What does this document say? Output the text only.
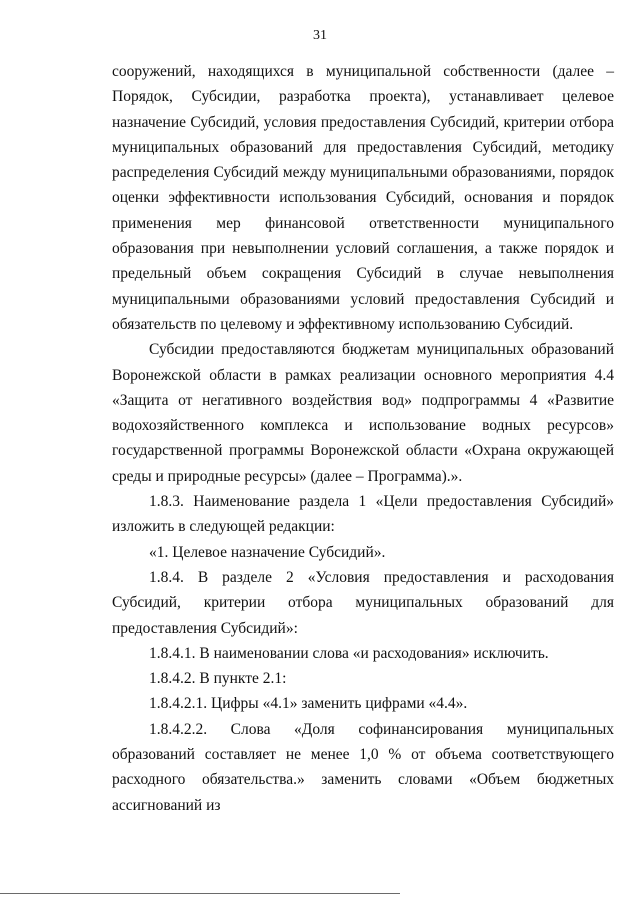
31

сооружений, находящихся в муниципальной собственности (далее – Порядок, Субсидии, разработка проекта), устанавливает целевое назначение Субсидий, условия предоставления Субсидий, критерии отбора муниципальных образований для предоставления Субсидий, методику распределения Субсидий между муниципальными образованиями, порядок оценки эффективности использования Субсидий, основания и порядок применения мер финансовой ответственности муниципального образования при невыполнении условий соглашения, а также порядок и предельный объем сокращения Субсидий в случае невыполнения муниципальными образованиями условий предоставления Субсидий и обязательств по целевому и эффективному использованию Субсидий.

Субсидии предоставляются бюджетам муниципальных образований Воронежской области в рамках реализации основного мероприятия 4.4 «Защита от негативного воздействия вод» подпрограммы 4 «Развитие водохозяйственного комплекса и использование водных ресурсов» государственной программы Воронежской области «Охрана окружающей среды и природные ресурсы» (далее – Программа).».

1.8.3. Наименование раздела 1 «Цели предоставления Субсидий» изложить в следующей редакции:

«1. Целевое назначение Субсидий».

1.8.4. В разделе 2 «Условия предоставления и расходования Субсидий, критерии отбора муниципальных образований для предоставления Субсидий»:

1.8.4.1. В наименовании слова «и расходования» исключить.

1.8.4.2. В пункте 2.1:

1.8.4.2.1. Цифры «4.1» заменить цифрами «4.4».

1.8.4.2.2. Слова «Доля софинансирования муниципальных образований составляет не менее 1,0 % от объема соответствующего расходного обязательства.» заменить словами «Объем бюджетных ассигнований из
